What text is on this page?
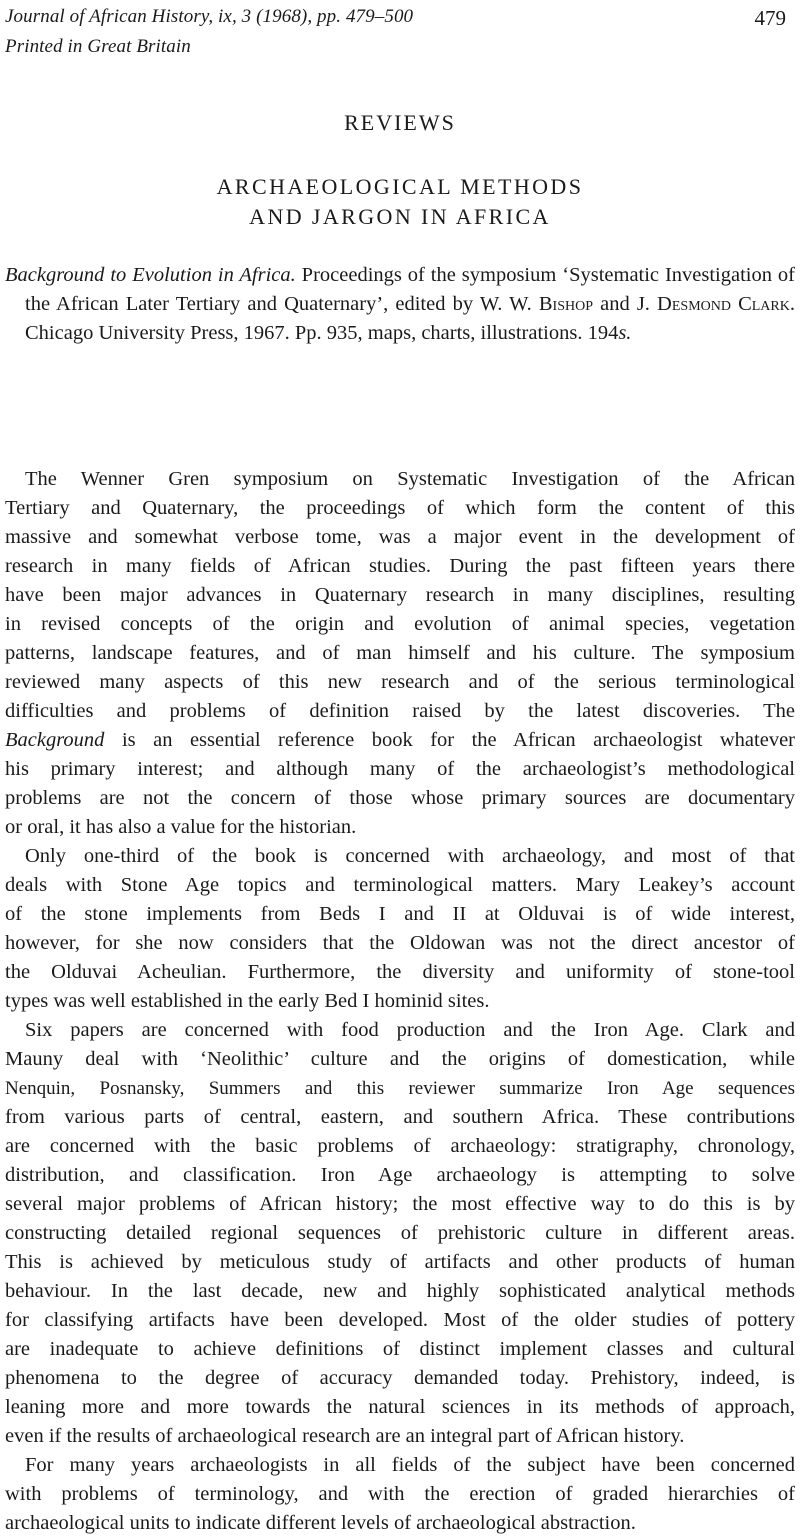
Journal of African History, ix, 3 (1968), pp. 479–500
Printed in Great Britain
479
REVIEWS
ARCHAEOLOGICAL METHODS
AND JARGON IN AFRICA
Background to Evolution in Africa. Proceedings of the symposium ‘Systematic Investigation of the African Later Tertiary and Quaternary’, edited by W. W. Bishop and J. Desmond Clark. Chicago University Press, 1967. Pp. 935, maps, charts, illustrations. 194s.

The Wenner Gren symposium on Systematic Investigation of the African
Tertiary and Quaternary, the proceedings of which form the content of this
massive and somewhat verbose tome, was a major event in the development of
research in many fields of African studies. During the past fifteen years there
have been major advances in Quaternary research in many disciplines, resulting
in revised concepts of the origin and evolution of animal species, vegetation
patterns, landscape features, and of man himself and his culture. The symposium
reviewed many aspects of this new research and of the serious terminological
difficulties and problems of definition raised by the latest discoveries. The
Background is an essential reference book for the African archaeologist whatever
his primary interest; and although many of the archaeologist’s methodological
problems are not the concern of those whose primary sources are documentary
or oral, it has also a value for the historian.

Only one-third of the book is concerned with archaeology, and most of that
deals with Stone Age topics and terminological matters. Mary Leakey’s account
of the stone implements from Beds I and II at Olduvai is of wide interest,
however, for she now considers that the Oldowan was not the direct ancestor of
the Olduvai Acheulian. Furthermore, the diversity and uniformity of stone-tool
types was well established in the early Bed I hominid sites.

Six papers are concerned with food production and the Iron Age. Clark and
Mauny deal with ‘Neolithic’ culture and the origins of domestication, while
Nenquin, Posnansky, Summers and this reviewer summarize Iron Age sequences
from various parts of central, eastern, and southern Africa. These contributions
are concerned with the basic problems of archaeology: stratigraphy, chronology,
distribution, and classification. Iron Age archaeology is attempting to solve
several major problems of African history; the most effective way to do this is by
constructing detailed regional sequences of prehistoric culture in different areas.
This is achieved by meticulous study of artifacts and other products of human
behaviour. In the last decade, new and highly sophisticated analytical methods
for classifying artifacts have been developed. Most of the older studies of pottery
are inadequate to achieve definitions of distinct implement classes and cultural
phenomena to the degree of accuracy demanded today. Prehistory, indeed, is
leaning more and more towards the natural sciences in its methods of approach,
even if the results of archaeological research are an integral part of African history.

For many years archaeologists in all fields of the subject have been concerned
with problems of terminology, and with the erection of graded hierarchies of
archaeological units to indicate different levels of archaeological abstraction.
